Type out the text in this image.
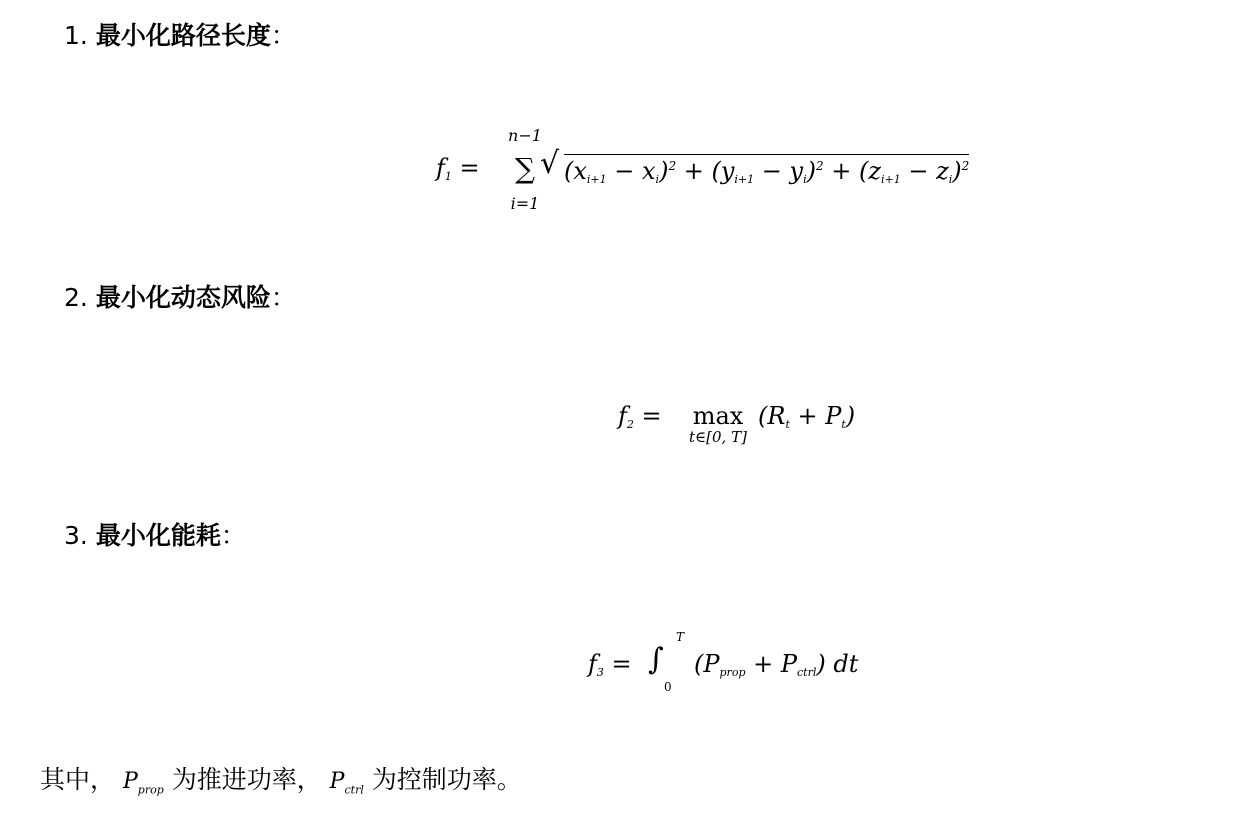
1. 最小化路径长度：
f1 =
n−1
∑
i=1
√ (xi+1 − xi)$^2$ + (yi+1 − yi)$^2$ + (zi+1 − zi)$^2$
2. 最小化动态风险：
f2 =	max
t∈[0, T]
(Rt + Pt)
3. 最小化能耗：
f3 = ∫
T
0
(Pprop + Pctrl) dt
其中， $P_{prop}$ 为推进功率， $P_{ctrl}$ 为控制功率。
